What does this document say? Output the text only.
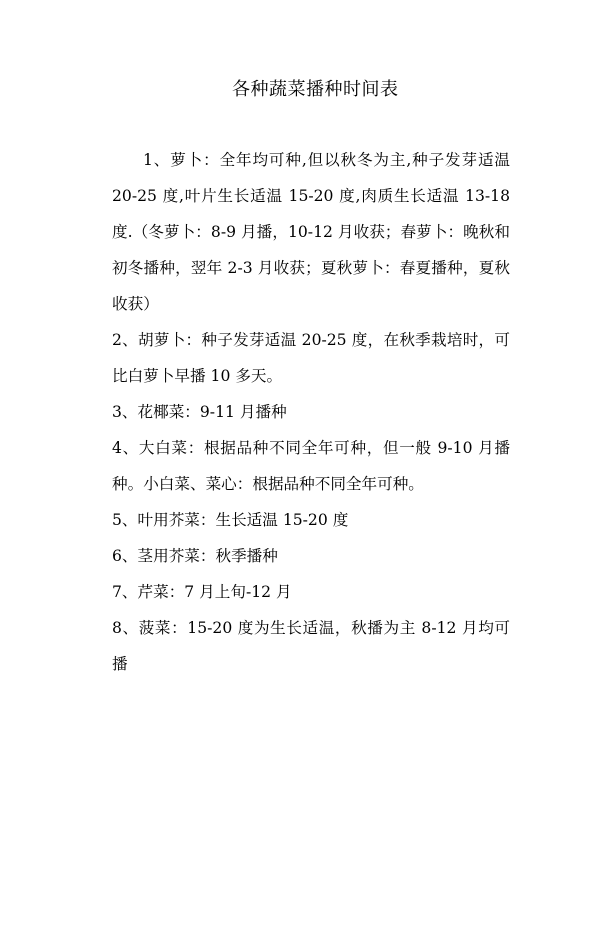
各种蔬菜播种时间表

1、萝卜：全年均可种,但以秋冬为主,种子发芽适温 20-25 度,叶片生长适温 15-20 度,肉质生长适温 13-18 度.（冬萝卜：8-9 月播，10-12 月收获；春萝卜：晚秋和初冬播种，翌年 2-3 月收获；夏秋萝卜：春夏播种，夏秋收获）

2、胡萝卜：种子发芽适温 20-25 度，在秋季栽培时，可比白萝卜早播 10 多天。

3、花椰菜：9-11 月播种

4、大白菜：根据品种不同全年可种，但一般 9-10 月播种。小白菜、菜心：根据品种不同全年可种。

5、叶用芥菜：生长适温 15-20 度

6、茎用芥菜：秋季播种

7、芹菜：7 月上旬-12 月

8、菠菜：15-20 度为生长适温，秋播为主 8-12 月均可播
